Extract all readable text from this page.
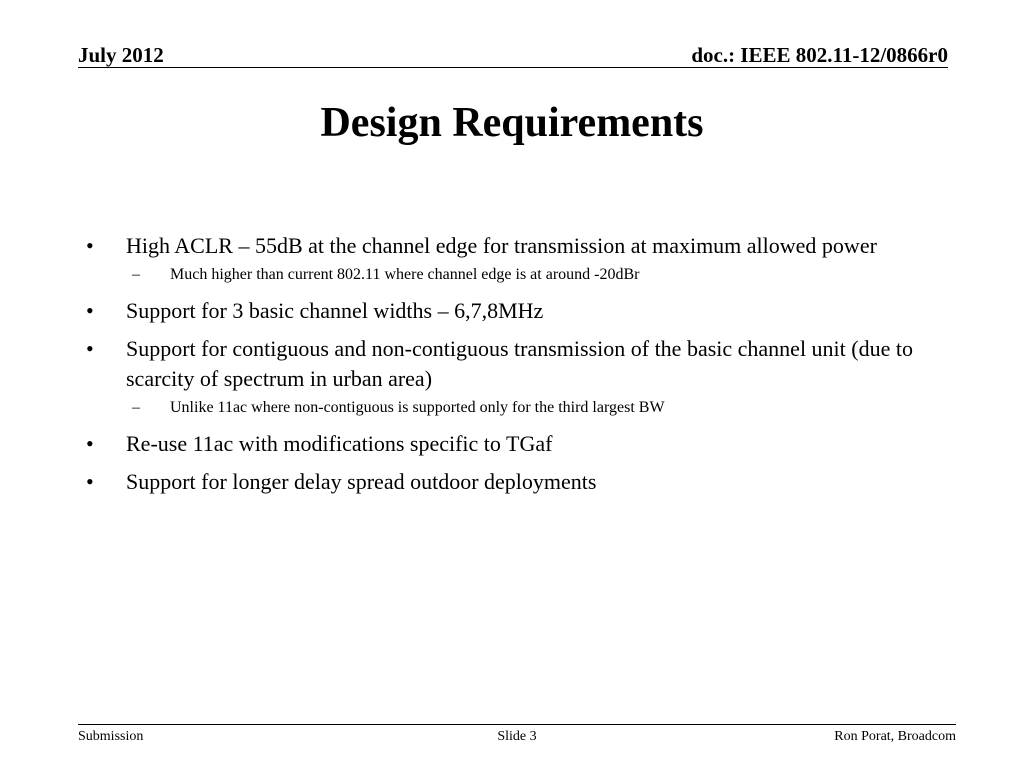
July 2012	doc.: IEEE 802.11-12/0866r0
Design Requirements
•	High ACLR – 55dB at the channel edge for transmission at maximum allowed power
–	Much higher than current 802.11 where channel edge is at around -20dBr
•	Support for 3 basic channel widths – 6,7,8MHz
•	Support for contiguous and non-contiguous transmission of the basic channel unit (due to scarcity of spectrum in urban area)
–	Unlike 11ac where non-contiguous is supported only for the third largest BW
•	Re-use 11ac with modifications specific to TGaf
•	Support for longer delay spread outdoor deployments
Submission	Slide 3	Ron Porat, Broadcom
